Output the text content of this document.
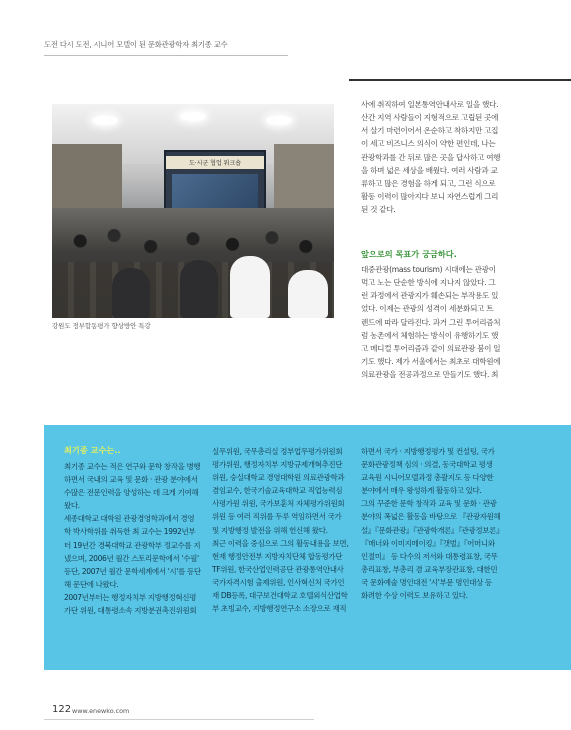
도전 다시 도전, 시니어 모델이 된 문화관광학자 최기종 교수
도·시군 협업 워크숍
강원도 정부합동평가 향상방안 특강
사에 취직하여 일본통역안내사로 일을 했다.
산간 지역 사람들이 지형적으로 고립된 곳에
서 살기 마련이어서 온순하고 착하지만 고집
이 세고 비즈니스 의식이 약한 편인데, 나는
관광학과를 간 뒤로 많은 곳을 답사하고 여행
을 하며 넓은 세상을 배웠다. 여러 사람과 교
류하고 많은 경험을 하게 되고, 그런 식으로
활동 이력이 많아지다 보니 자연스럽게 그리
된 것 같다.
앞으로의 목표가 궁금하다.
대중관광(mass tourism) 시대에는 관광이
먹고 노는 단순한 방식에 지나지 않았다. 그
런 과정에서 관광지가 훼손되는 부작용도 있
었다. 이제는 관광의 성격이 세분화되고 트
렌드에 따라 달라진다. 과거 그린 투어리즘처
럼 농촌에서 체험하는 방식이 유행하기도 했
고 메디컬 투어리즘과 같이 의료관광 붐이 일
기도 했다. 제가 서울에서는 최초로 대학원에
의료관광을 전공과정으로 만들기도 했다. 최
최기종 교수는..
최기종 교수는 적은 연구와 문학 창작을 병행
하면서 국내의 교육 및 문화 · 관광 분야에서
수많은 전문인력을 양성하는 데 크게 기여해
왔다.
세종대학교 대학원 관광경영학과에서 경영
학 박사학위를 취득한 최 교수는 1992년부
터 19년간 경북대학교 관광학부 정교수를 지
냈으며, 2006년 월간 스토리문학에서 '수필'
등단, 2007년 월간 문학세계에서 '시'를 등단
해 문단에 나왔다.
2007년부터는 행정자치부 지방행정혁신평
가단 위원, 대통령소속 지방분권촉진위원회
실무위원, 국무총리실 정부업무평가위원회
평가위원, 행정자치부 지방규제개혁추진단
위원, 숭실대학교 경영대학원 의료관광학과
겸임교수, 한국기술교육대학교 직업능력심
사평가원 위원, 국가보훈처 자체평가위원회
위원 등 여러 직위를 두루 역임하면서 국가
및 지방행정 발전을 위해 헌신해 왔다.
최근 이력을 중심으로 그의 활동내용을 보면,
현재 행정안전부 지방자치단체 합동평가단
TF위원, 한국산업인력공단 관광통역안내사
국가자격시험 출제위원, 인사혁신처 국가인
재 DB등록, 대구보건대학교 호텔외식산업학
부 초빙교수, 지방행정연구소 소장으로 재직
하면서 국가 · 지방행정평가 및 컨설팅, 국가
문화관광정책 심의 · 의결, 동국대학교 평생
교육원 시니어모델과정 총괄지도 등 다양한
분야에서 매우 왕성하게 활동하고 있다.
그의 꾸준한 문학 창작과 교육 및 문화 · 관광
분야의 폭넓은 활동을 바탕으로 『관광자원해
설』『문화관광』『관광학개론』『관광정보론』
『매너와 이미지메이킹』『갯벌』『어머니와
인절미』 등 다수의 저서와 대통령표창, 국무
총리표창, 부총리 겸 교육부장관표창, 대한민
국 문화예술 명인대전 '시'부문 명인대상 등
화려한 수상 이력도 보유하고 있다.
122 www.enewko.com
